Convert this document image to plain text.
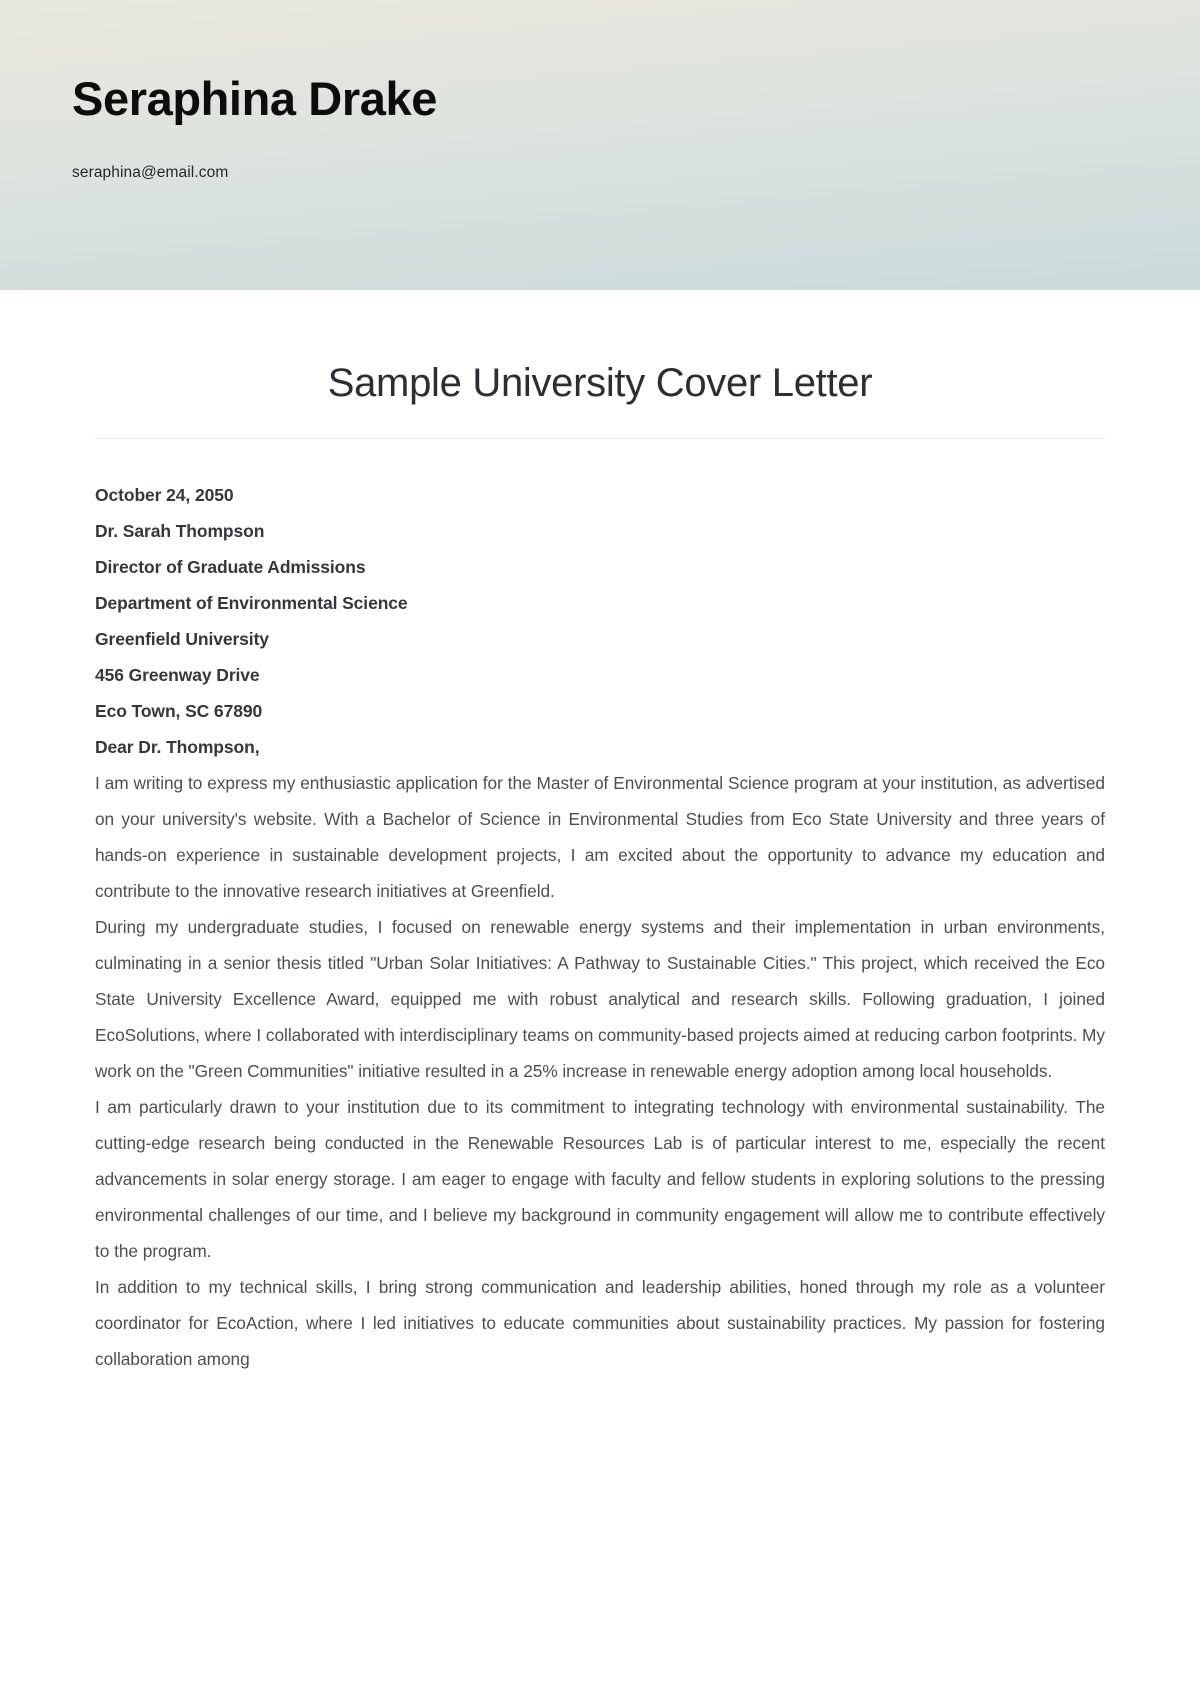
Seraphina Drake
seraphina@email.com
Sample University Cover Letter
October 24, 2050
Dr. Sarah Thompson
Director of Graduate Admissions
Department of Environmental Science
Greenfield University
456 Greenway Drive
Eco Town, SC 67890
Dear Dr. Thompson,

I am writing to express my enthusiastic application for the Master of Environmental Science program at your institution, as advertised on your university's website. With a Bachelor of Science in Environmental Studies from Eco State University and three years of hands-on experience in sustainable development projects, I am excited about the opportunity to advance my education and contribute to the innovative research initiatives at Greenfield.

During my undergraduate studies, I focused on renewable energy systems and their implementation in urban environments, culminating in a senior thesis titled "Urban Solar Initiatives: A Pathway to Sustainable Cities." This project, which received the Eco State University Excellence Award, equipped me with robust analytical and research skills. Following graduation, I joined EcoSolutions, where I collaborated with interdisciplinary teams on community-based projects aimed at reducing carbon footprints. My work on the "Green Communities" initiative resulted in a 25% increase in renewable energy adoption among local households.

I am particularly drawn to your institution due to its commitment to integrating technology with environmental sustainability. The cutting-edge research being conducted in the Renewable Resources Lab is of particular interest to me, especially the recent advancements in solar energy storage. I am eager to engage with faculty and fellow students in exploring solutions to the pressing environmental challenges of our time, and I believe my background in community engagement will allow me to contribute effectively to the program.

In addition to my technical skills, I bring strong communication and leadership abilities, honed through my role as a volunteer coordinator for EcoAction, where I led initiatives to educate communities about sustainability practices. My passion for fostering collaboration among
